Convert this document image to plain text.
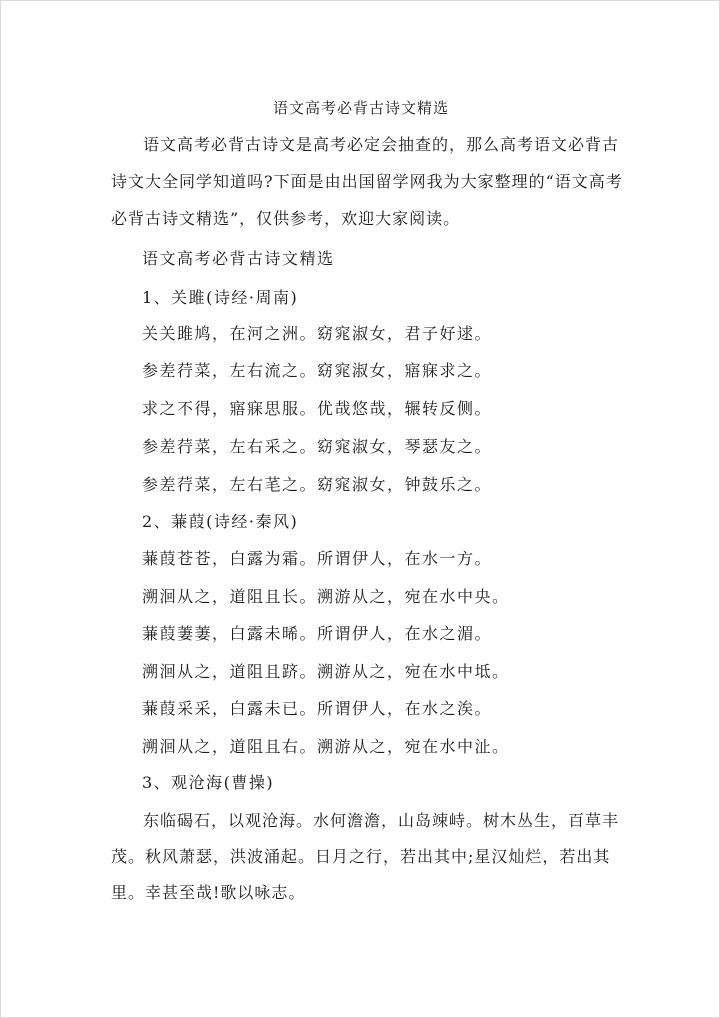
语文高考必背古诗文精选
语文高考必背古诗文是高考必定会抽查的，那么高考语文必背古诗文大全同学知道吗?下面是由出国留学网我为大家整理的“语文高考必背古诗文精选”，仅供参考，欢迎大家阅读。
语文高考必背古诗文精选
1、关雎(诗经·周南)
关关雎鸠，在河之洲。窈窕淑女，君子好逑。
参差荇菜，左右流之。窈窕淑女，寤寐求之。
求之不得，寤寐思服。优哉悠哉，辗转反侧。
参差荇菜，左右采之。窈窕淑女，琴瑟友之。
参差荇菜，左右芼之。窈窕淑女，钟鼓乐之。
2、蒹葭(诗经·秦风)
蒹葭苍苍，白露为霜。所谓伊人，在水一方。
溯洄从之，道阻且长。溯游从之，宛在水中央。
蒹葭萋萋，白露未晞。所谓伊人，在水之湄。
溯洄从之，道阻且跻。溯游从之，宛在水中坻。
蒹葭采采，白露未已。所谓伊人，在水之涘。
溯洄从之，道阻且右。溯游从之，宛在水中沚。
3、观沧海(曹操)
东临碣石，以观沧海。水何澹澹，山岛竦峙。树木丛生，百草丰茂。秋风萧瑟，洪波涌起。日月之行，若出其中;星汉灿烂，若出其里。幸甚至哉!歌以咏志。
